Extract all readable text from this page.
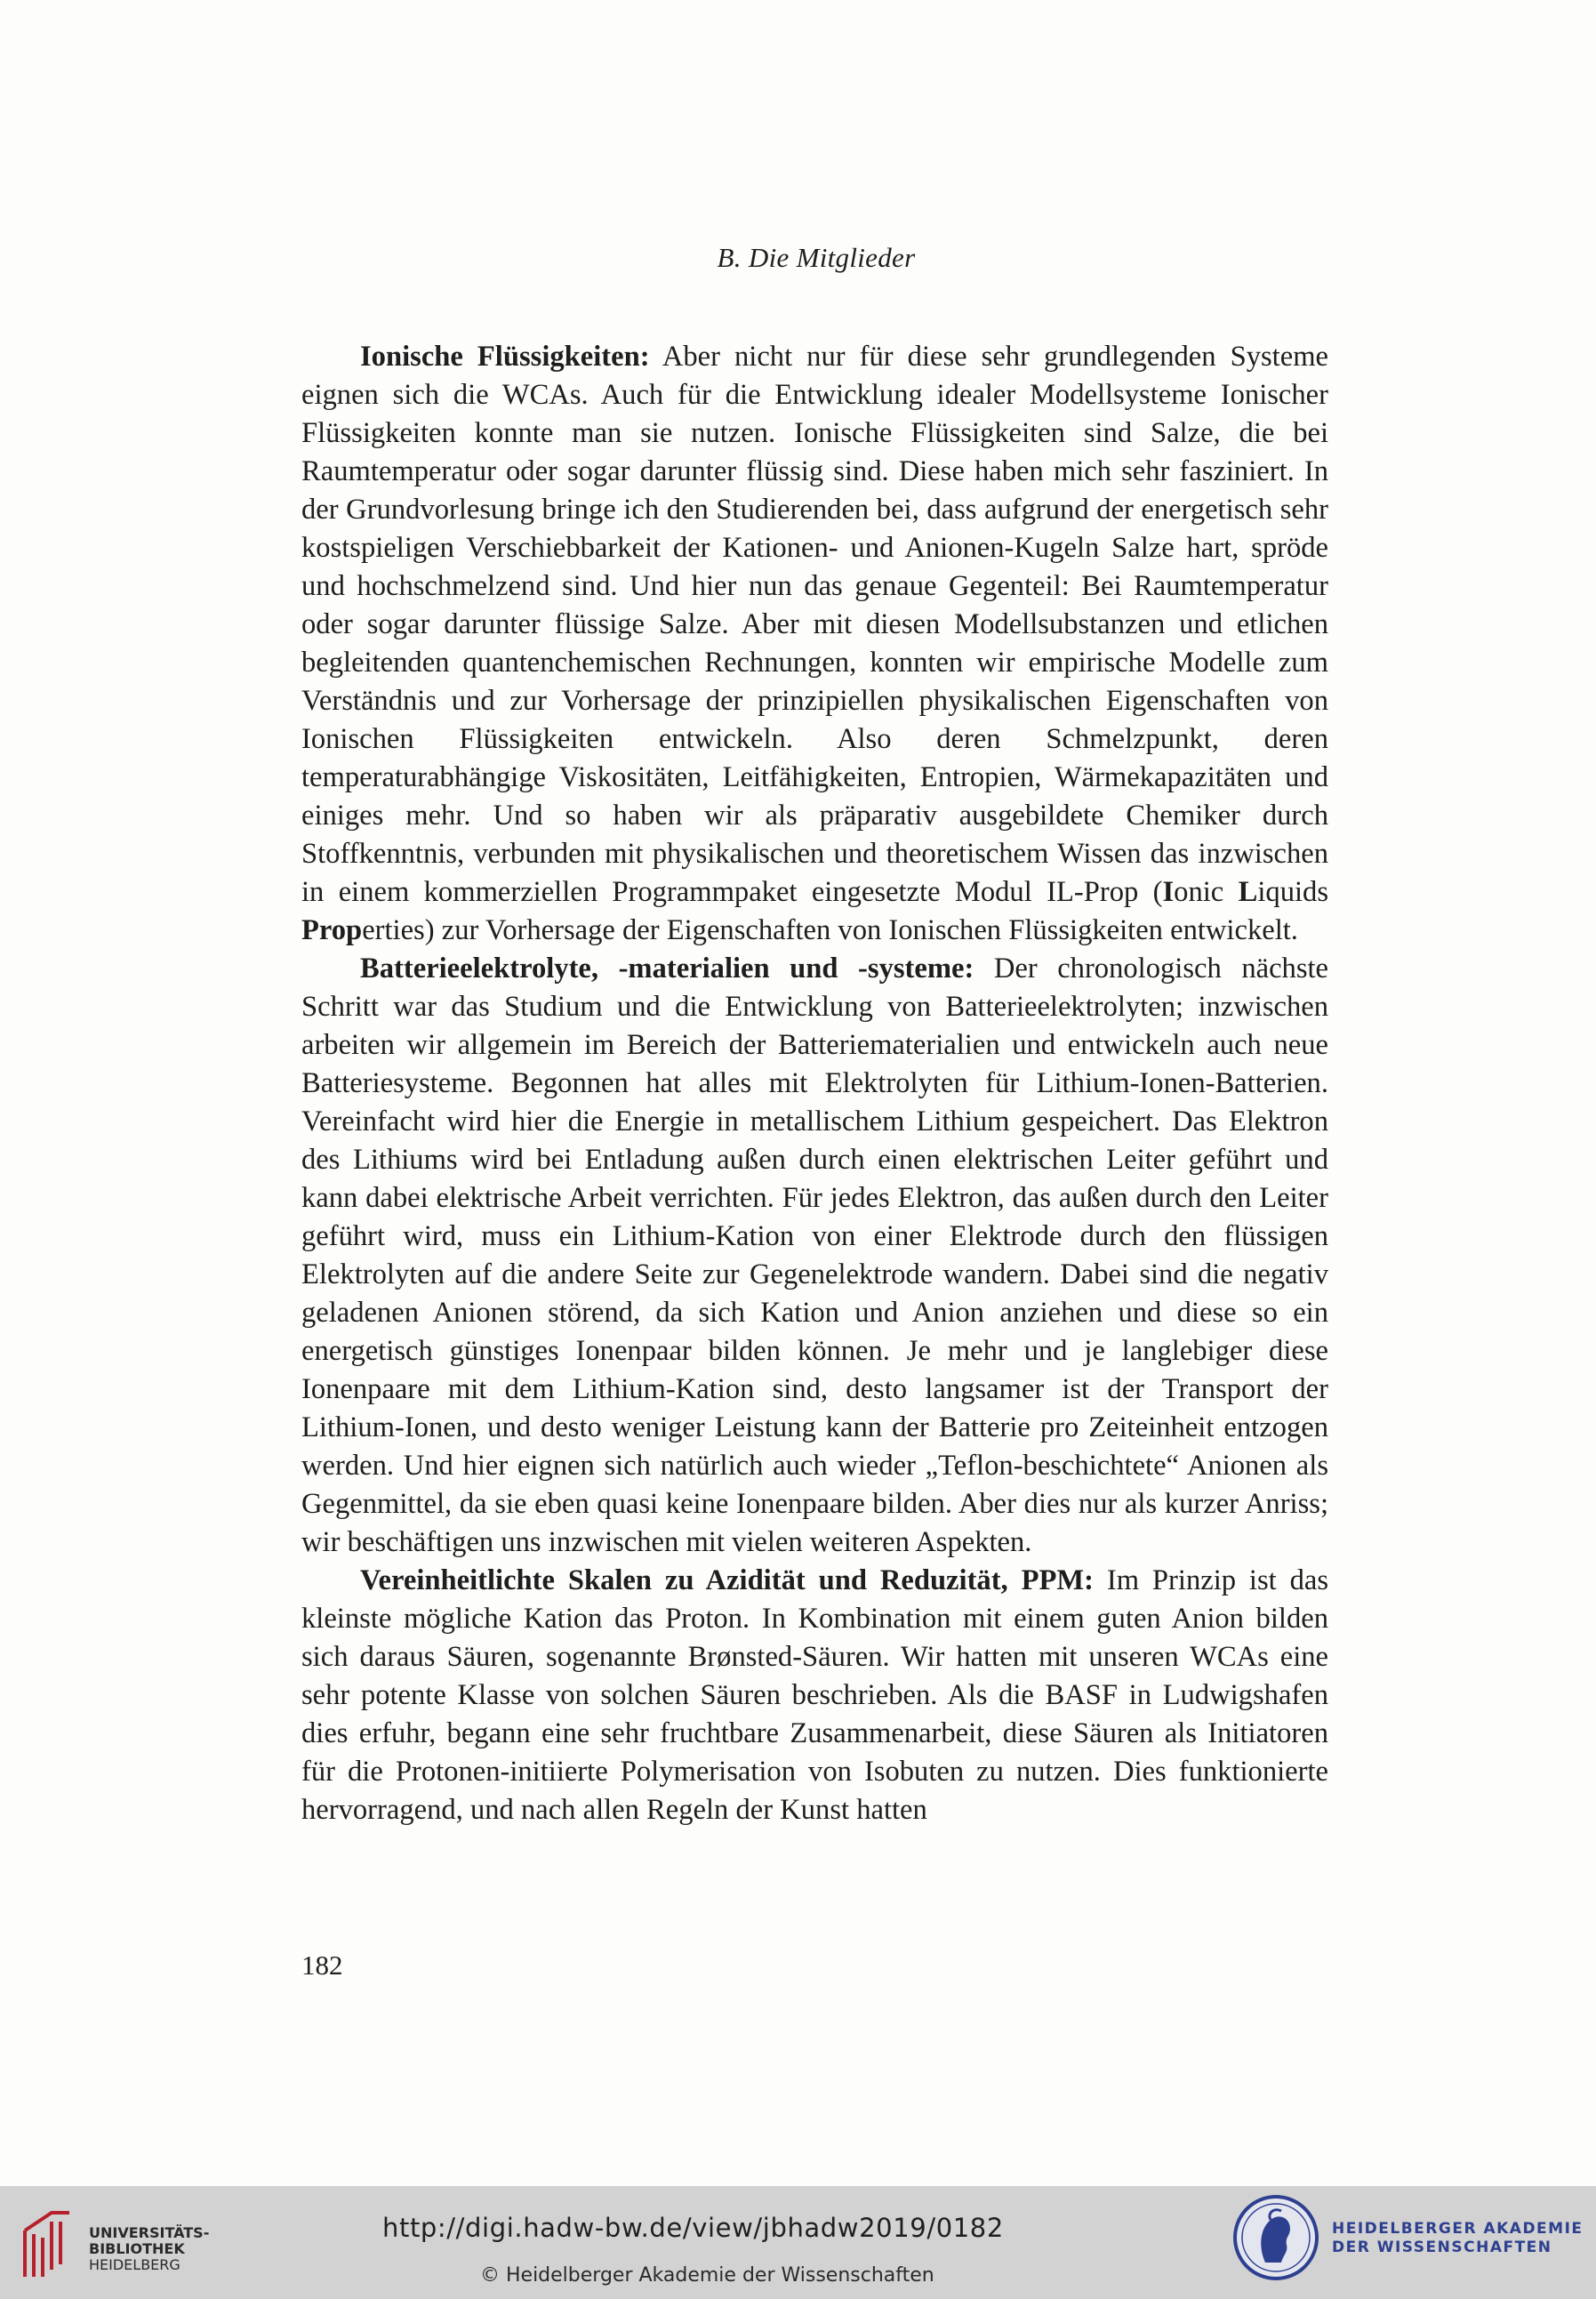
B. Die Mitglieder

Ionische Flüssigkeiten: Aber nicht nur für diese sehr grundlegenden Systeme eignen sich die WCAs. Auch für die Entwicklung idealer Modellsysteme Ionischer Flüssigkeiten konnte man sie nutzen. Ionische Flüssigkeiten sind Salze, die bei Raumtemperatur oder sogar darunter flüssig sind. Diese haben mich sehr fasziniert. In der Grundvorlesung bringe ich den Studierenden bei, dass aufgrund der energetisch sehr kostspieligen Verschiebbarkeit der Kationen- und Anionen-Kugeln Salze hart, spröde und hochschmelzend sind. Und hier nun das genaue Gegenteil: Bei Raumtemperatur oder sogar darunter flüssige Salze. Aber mit diesen Modellsubstanzen und etlichen begleitenden quantenchemischen Rechnungen, konnten wir empirische Modelle zum Verständnis und zur Vorhersage der prinzipiellen physikalischen Eigenschaften von Ionischen Flüssigkeiten entwickeln. Also deren Schmelzpunkt, deren temperaturabhängige Viskositäten, Leitfähigkeiten, Entropien, Wärmekapazitäten und einiges mehr. Und so haben wir als präparativ ausgebildete Chemiker durch Stoffkenntnis, verbunden mit physikalischen und theoretischem Wissen das inzwischen in einem kommerziellen Programmpaket eingesetzte Modul IL-Prop (Ionic Liquids Properties) zur Vorhersage der Eigenschaften von Ionischen Flüssigkeiten entwickelt.

Batterieelektrolyte, -materialien und -systeme: Der chronologisch nächste Schritt war das Studium und die Entwicklung von Batterieelektrolyten; inzwischen arbeiten wir allgemein im Bereich der Batteriematerialien und entwickeln auch neue Batteriesysteme. Begonnen hat alles mit Elektrolyten für Lithium-Ionen-Batterien. Vereinfacht wird hier die Energie in metallischem Lithium gespeichert. Das Elektron des Lithiums wird bei Entladung außen durch einen elektrischen Leiter geführt und kann dabei elektrische Arbeit verrichten. Für jedes Elektron, das außen durch den Leiter geführt wird, muss ein Lithium-Kation von einer Elektrode durch den flüssigen Elektrolyten auf die andere Seite zur Gegenelektrode wandern. Dabei sind die negativ geladenen Anionen störend, da sich Kation und Anion anziehen und diese so ein energetisch günstiges Ionenpaar bilden können. Je mehr und je langlebiger diese Ionenpaare mit dem Lithium-Kation sind, desto langsamer ist der Transport der Lithium-Ionen, und desto weniger Leistung kann der Batterie pro Zeiteinheit entzogen werden. Und hier eignen sich natürlich auch wieder „Teflon-beschichtete“ Anionen als Gegenmittel, da sie eben quasi keine Ionenpaare bilden. Aber dies nur als kurzer Anriss; wir beschäftigen uns inzwischen mit vielen weiteren Aspekten.

Vereinheitlichte Skalen zu Azidität und Reduzität, PPM: Im Prinzip ist das kleinste mögliche Kation das Proton. In Kombination mit einem guten Anion bilden sich daraus Säuren, sogenannte Brønsted-Säuren. Wir hatten mit unseren WCAs eine sehr potente Klasse von solchen Säuren beschrieben. Als die BASF in Ludwigshafen dies erfuhr, begann eine sehr fruchtbare Zusammenarbeit, diese Säuren als Initiatoren für die Protonen-initiierte Polymerisation von Isobuten zu nutzen. Dies funktionierte hervorragend, und nach allen Regeln der Kunst hatten

182
UNIVERSITÄTS-
BIBLIOTHEK
HEIDELBERG
http://digi.hadw-bw.de/view/jbhadw2019/0182
© Heidelberger Akademie der Wissenschaften
HEIDELBERGER AKADEMIE
DER WISSENSCHAFTEN
